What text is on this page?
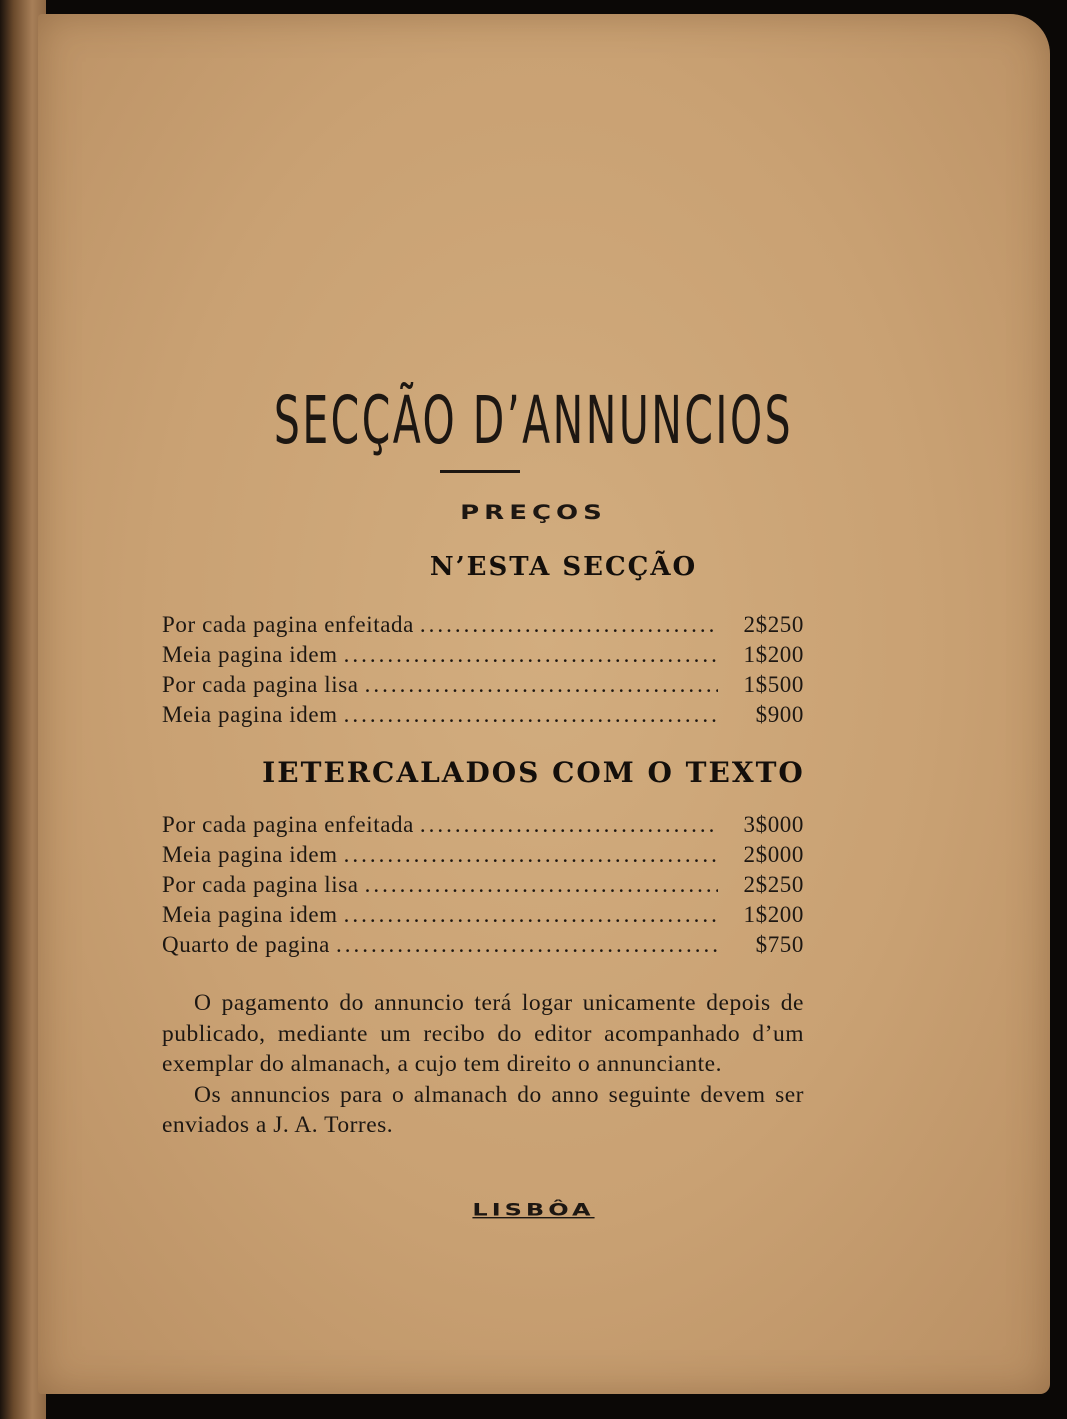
SECÇÃO D’ANNUNCIOS
PREÇOS
N’ESTA SECÇÃO
Por cada pagina enfeitada .....	2$250
Meia pagina idem .....	1$200
Por cada pagina lisa .....	1$500
Meia pagina idem .....	$900
IETERCALADOS COM O TEXTO
Por cada pagina enfeitada .....	3$000
Meia pagina idem .....	2$000
Por cada pagina lisa .....	2$250
Meia pagina idem .....	1$200
Quarto de pagina .....	$750

O pagamento do annuncio terá logar unicamente depois de publicado, mediante um recibo do editor acompanhado d’um exemplar do almanach, a cujo tem direito o annunciante.

Os annuncios para o almanach do anno seguinte devem ser enviados a J. A. Torres.

LISBÔA
